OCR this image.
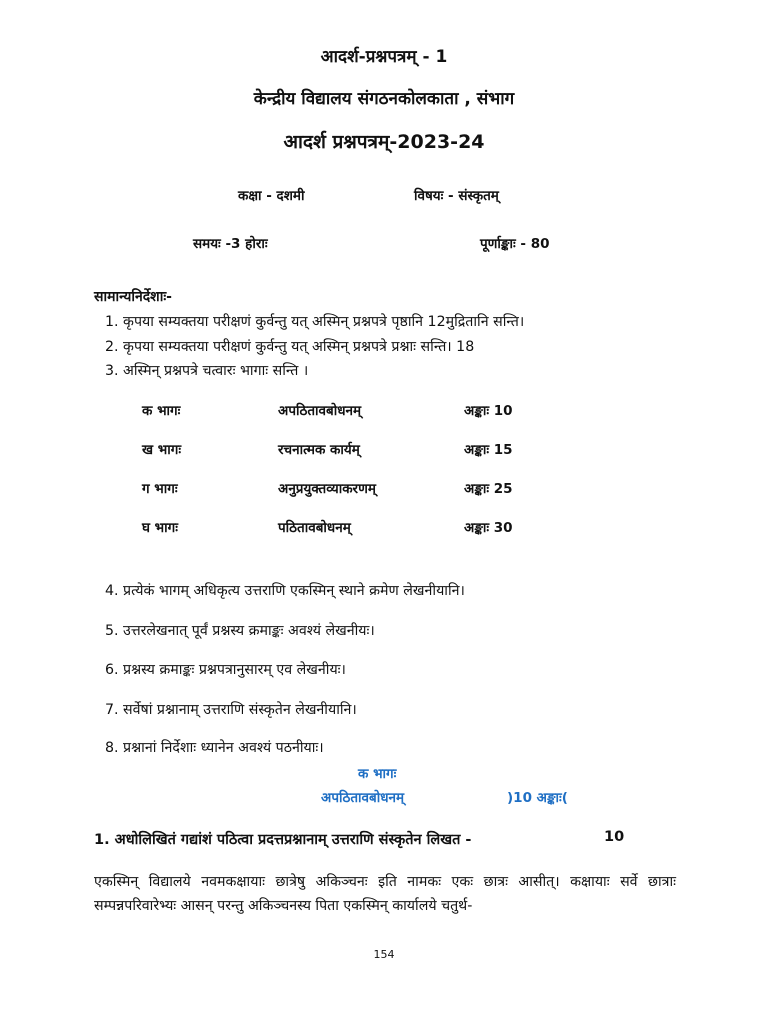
आदर्श-प्रश्नपत्रम् - 1
केन्द्रीय विद्यालय संगठनकोलकाता , संभाग
आदर्श प्रश्नपत्रम्-2023-24
कक्षा - दशमी	विषयः - संस्कृतम्
समयः -3 होराः	पूर्णाङ्काः - 80
सामान्यनिर्देशाः-
1. कृपया सम्यक्तया परीक्षणं कुर्वन्तु यत् अस्मिन् प्रश्नपत्रे पृष्ठानि 12मुद्रितानि सन्ति।
2. कृपया सम्यक्तया परीक्षणं कुर्वन्तु यत् अस्मिन् प्रश्नपत्रे प्रश्नाः सन्ति। 18
3. अस्मिन् प्रश्नपत्रे चत्वारः भागाः सन्ति ।
क भागः	अपठितावबोधनम्	अङ्काः 10
ख भागः	रचनात्मक कार्यम्	अङ्काः 15
ग भागः	अनुप्रयुक्तव्याकरणम्	अङ्काः 25
घ भागः	पठितावबोधनम्	अङ्काः 30
4. प्रत्येकं भागम् अधिकृत्य उत्तराणि एकस्मिन् स्थाने क्रमेण लेखनीयानि।
5. उत्तरलेखनात् पूर्वं प्रश्नस्य क्रमाङ्कः अवश्यं लेखनीयः।
6. प्रश्नस्य क्रमाङ्कः प्रश्नपत्रानुसारम् एव लेखनीयः।
7. सर्वेषां प्रश्नानाम् उत्तराणि संस्कृतेन लेखनीयानि।
8. प्रश्नानां निर्देशाः ध्यानेन अवश्यं पठनीयाः।
क भागः
अपठितावबोधनम्	)10 अङ्काः(
1. अधोलिखितं गद्यांशं पठित्वा प्रदत्तप्रश्नानाम् उत्तराणि संस्कृतेन लिखत -	10
एकस्मिन् विद्यालये नवमकक्षायाः छात्रेषु अकिञ्चनः इति नामकः एकः छात्रः आसीत्। कक्षायाः सर्वे छात्राः सम्पन्नपरिवारेभ्यः आसन् परन्तु अकिञ्चनस्य पिता एकस्मिन् कार्यालये चतुर्थ-
154
